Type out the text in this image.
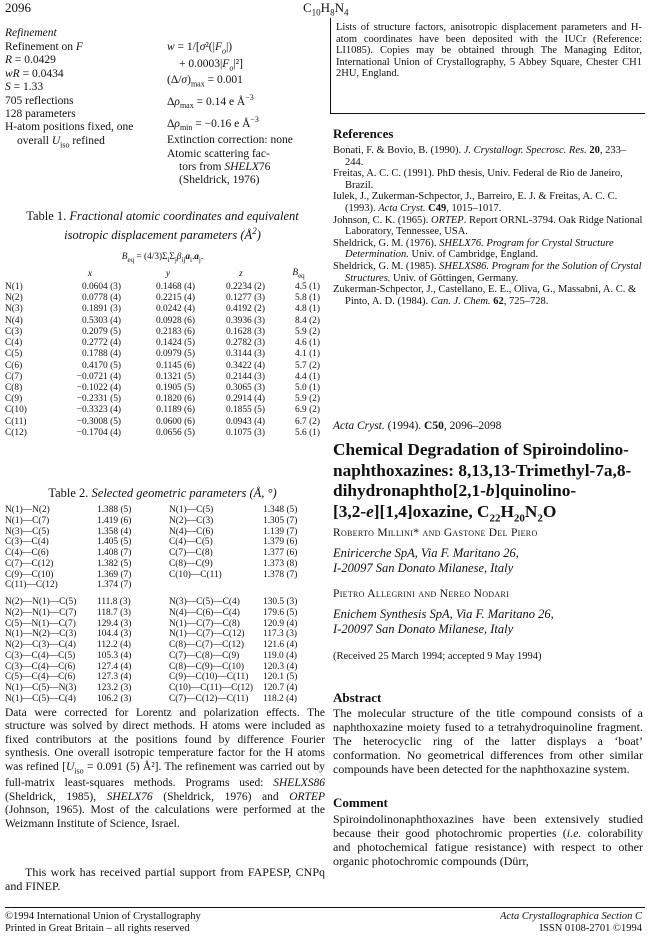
2096	$C_{10}H_8N_4$
Refinement
Refinement on F
R = 0.0429
wR = 0.0434
S = 1.33
705 reflections
128 parameters
H-atom positions fixed, one
overall $U_{iso}$ refined
$w = 1/[\sigma^2(|F_o|)$
+ $0.0003|F_o|^2$]
$(\Delta/\sigma)_{max} = 0.001$
$\Delta\rho_{max} = 0.14$ e $Å^{-3}$
$\Delta\rho_{min} = -0.16$ e $Å^{-3}$
Extinction correction: none
Atomic scattering fac-
tors from SHELX76
(Sheldrick, 1976)
Table 1. Fractional atomic coordinates and equivalent
isotropic displacement parameters $(Å^2)$
$B_{eq} = (4/3)\Sigma_i\Sigma_j\beta_{ij}a_i.a_j$.
	x	y	z	$B_{eq}$
N(1)	0.0604 (3)	0.1468 (4)	0.2234 (2)	4.5 (1)
N(2)	0.0778 (4)	0.2215 (4)	0.1277 (3)	5.8 (1)
N(3)	0.1891 (3)	0.0242 (4)	0.4192 (2)	4.8 (1)
N(4)	0.5303 (4)	0.0928 (6)	0.3936 (3)	8.4 (2)
C(3)	0.2079 (5)	0.2183 (6)	0.1628 (3)	5.9 (2)
C(4)	0.2772 (4)	0.1424 (5)	0.2782 (3)	4.6 (1)
C(5)	0.1788 (4)	0.0979 (5)	0.3144 (3)	4.1 (1)
C(6)	0.4170 (5)	0.1145 (6)	0.3422 (4)	5.7 (2)
C(7)	−0.0721 (4)	0.1321 (5)	0.2144 (3)	4.4 (1)
C(8)	−0.1022 (4)	0.1905 (5)	0.3065 (3)	5.0 (1)
C(9)	−0.2331 (5)	0.1820 (6)	0.2914 (4)	5.9 (2)
C(10)	−0.3323 (4)	0.1189 (6)	0.1855 (5)	6.9 (2)
C(11)	−0.3008 (5)	0.0600 (6)	0.0943 (4)	6.7 (2)
C(12)	−0.1704 (4)	0.0656 (5)	0.1075 (3)	5.6 (1)
Table 2. Selected geometric parameters (Å, °)
N(1)—N(2)	1.388 (5)	N(1)—C(5)	1.348 (5)
N(1)—C(7)	1.419 (6)	N(2)—C(3)	1.305 (7)
N(3)—C(5)	1.358 (4)	N(4)—C(6)	1.139 (7)
C(3)—C(4)	1.405 (5)	C(4)—C(5)	1.379 (6)
C(4)—C(6)	1.408 (7)	C(7)—C(8)	1.377 (6)
C(7)—C(12)	1.382 (5)	C(8)—C(9)	1.373 (8)
C(9)—C(10)	1.369 (7)	C(10)—C(11)	1.378 (7)
C(11)—C(12)	1.374 (7)		
N(2)—N(1)—C(5)	111.8 (3)	N(3)—C(5)—C(4)	130.5 (3)
N(2)—N(1)—C(7)	118.7 (3)	N(4)—C(6)—C(4)	179.6 (5)
C(5)—N(1)—C(7)	129.4 (3)	N(1)—C(7)—C(8)	120.9 (4)
N(1)—N(2)—C(3)	104.4 (3)	N(1)—C(7)—C(12)	117.3 (3)
N(2)—C(3)—C(4)	112.2 (4)	C(8)—C(7)—C(12)	121.6 (4)
C(3)—C(4)—C(5)	105.3 (4)	C(7)—C(8)—C(9)	119.0 (4)
C(3)—C(4)—C(6)	127.4 (4)	C(8)—C(9)—C(10)	120.3 (4)
C(5)—C(4)—C(6)	127.3 (4)	C(9)—C(10)—C(11)	120.1 (5)
N(1)—C(5)—N(3)	123.2 (3)	C(10)—C(11)—C(12)	120.7 (4)
N(1)—C(5)—C(4)	106.2 (3)	C(7)—C(12)—C(11)	118.2 (4)

Data were corrected for Lorentz and polarization effects. The structure was solved by direct methods. H atoms were included as fixed contributors at the positions found by difference Fourier synthesis. One overall isotropic temperature factor for the H atoms was refined [$U_{iso} = 0.091$ (5) Å²]. The refinement was carried out by full-matrix least-squares methods. Programs used: SHELXS86 (Sheldrick, 1985), SHELX76 (Sheldrick, 1976) and ORTEP (Johnson, 1965). Most of the calculations were performed at the Weizmann Institute of Science, Israel.

This work has received partial support from FAPESP, CNPq and FINEP.
©1994 International Union of Crystallography
Printed in Great Britain – all rights reserved
Acta Crystallographica Section C
ISSN 0108-2701 ©1994
Lists of structure factors, anisotropic displacement parameters and H-atom coordinates have been deposited with the IUCr (Reference: LI1085). Copies may be obtained through The Managing Editor, International Union of Crystallography, 5 Abbey Square, Chester CH1 2HU, England.
References

Bonati, F. & Bovio, B. (1990). J. Crystallogr. Specrosc. Res. 20, 233–244.

Freitas, A. C. C. (1991). PhD thesis, Univ. Federal de Rio de Janeiro, Brazil.

Iulek, J., Zukerman-Schpector, J., Barreiro, E. J. & Freitas, A. C. C. (1993). Acta Cryst. C49, 1015–1017.

Johnson, C. K. (1965). ORTEP. Report ORNL-3794. Oak Ridge National Laboratory, Tennessee, USA.

Sheldrick, G. M. (1976). SHELX76. Program for Crystal Structure Determination. Univ. of Cambridge, England.

Sheldrick, G. M. (1985). SHELXS86. Program for the Solution of Crystal Structures. Univ. of Göttingen, Germany.

Zukerman-Schpector, J., Castellano, E. E., Oliva, G., Massabni, A. C. & Pinto, A. D. (1984). Can. J. Chem. 62, 725–728.

Acta Cryst. (1994). C50, 2096–2098
Chemical Degradation of Spiroindolino-
naphthoxazines: 8,13,13-Trimethyl-7a,8-
dihydronaphtho[2,1-b]quinolino-
[3,2-e][1,4]oxazine, $C_{22}H_{20}N_2O$
Roberto Millini* and Gastone Del Piero
Eniricerche SpA, Via F. Maritano 26,
I-20097 San Donato Milanese, Italy
Pietro Allegrini and Nereo Nodari
Enichem Synthesis SpA, Via F. Maritano 26,
I-20097 San Donato Milanese, Italy
(Received 25 March 1994; accepted 9 May 1994)
Abstract
The molecular structure of the title compound consists of a naphthoxazine moiety fused to a tetrahydroquinoline fragment. The heterocyclic ring of the latter displays a ‘boat’ conformation. No geometrical differences from other similar compounds have been detected for the naphthoxazine system.
Comment
Spiroindolinonaphthoxazines have been extensively studied because their good photochromic properties (i.e. colorability and photochemical fatigue resistance) with respect to other organic photochromic compounds (Dürr,
